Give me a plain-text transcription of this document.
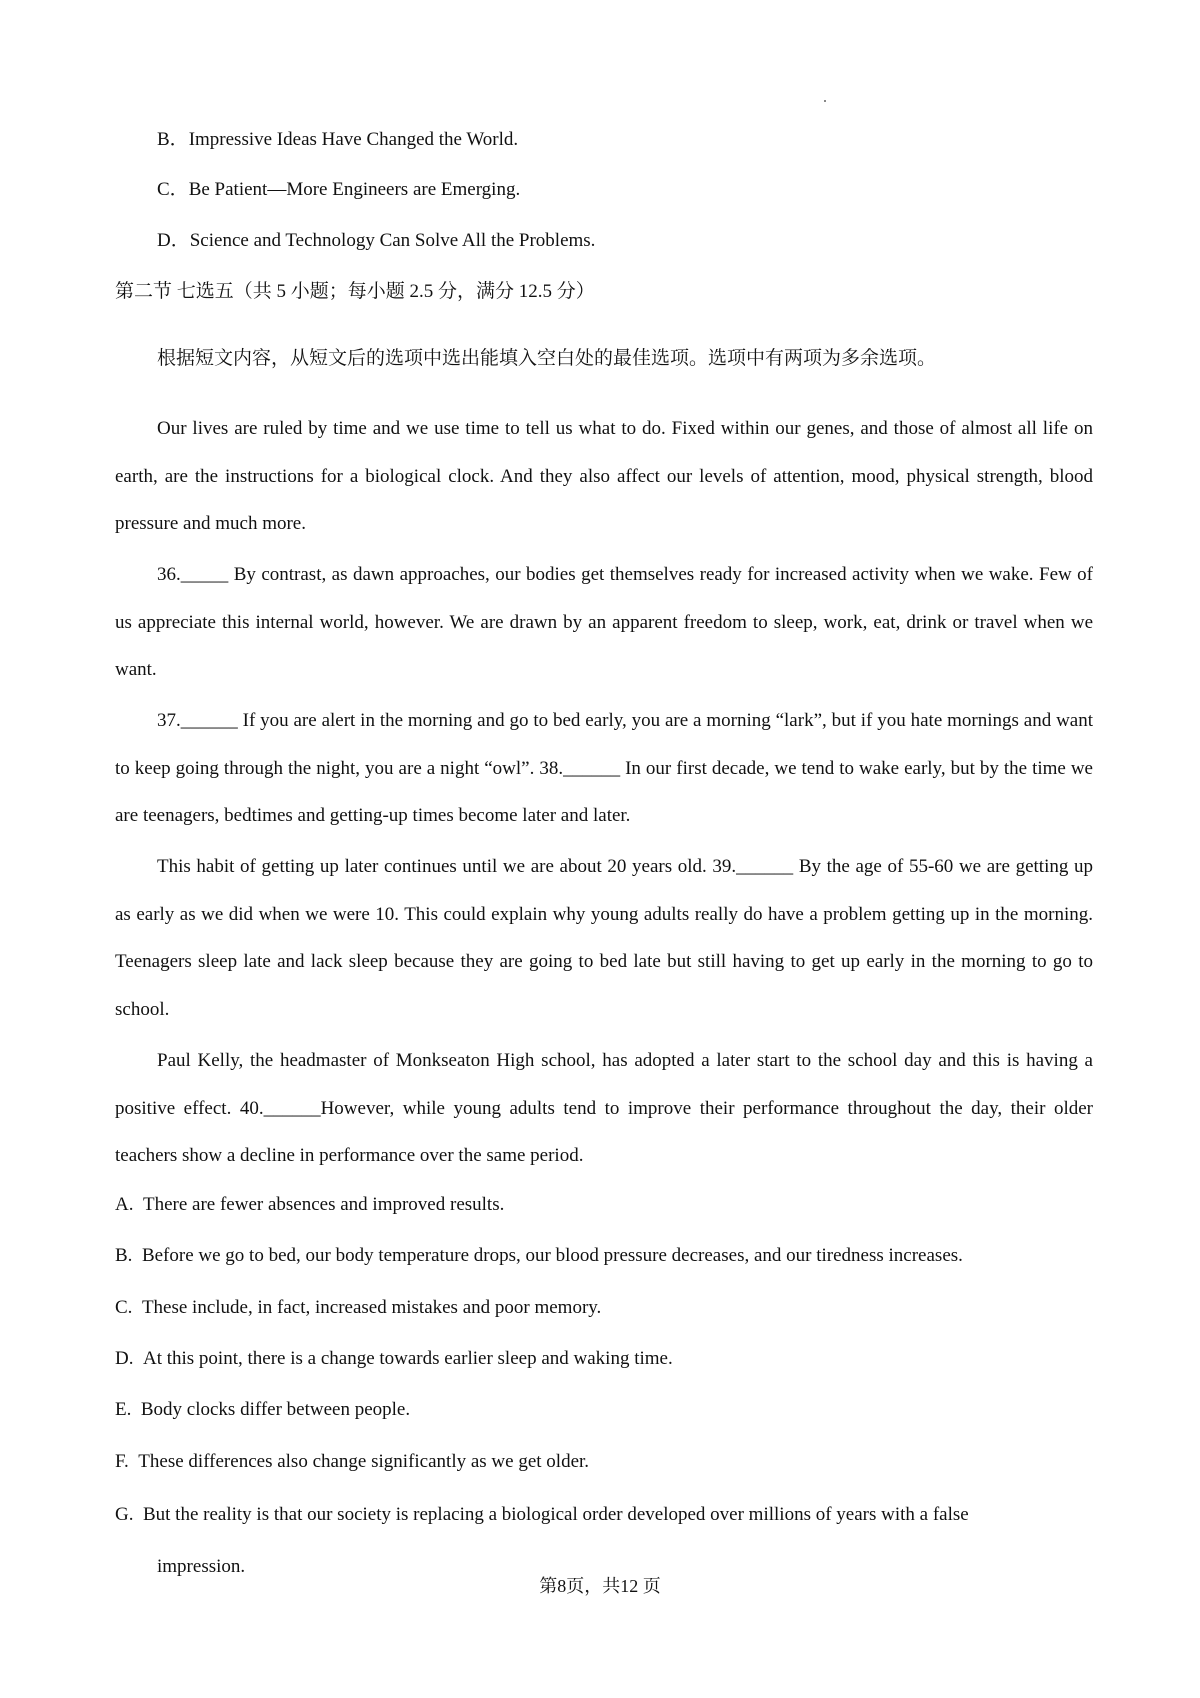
B．Impressive Ideas Have Changed the World.
C．Be Patient—More Engineers are Emerging.
D．Science and Technology Can Solve All the Problems.
第二节 七选五（共 5 小题；每小题 2.5 分，满分 12.5 分）
根据短文内容，从短文后的选项中选出能填入空白处的最佳选项。选项中有两项为多余选项。

Our lives are ruled by time and we use time to tell us what to do. Fixed within our genes, and those of almost all life on earth, are the instructions for a biological clock. And they also affect our levels of attention, mood, physical strength, blood pressure and much more.

36._____ By contrast, as dawn approaches, our bodies get themselves ready for increased activity when we wake. Few of us appreciate this internal world, however. We are drawn by an apparent freedom to sleep, work, eat, drink or travel when we want.

37.______ If you are alert in the morning and go to bed early, you are a morning “lark”, but if you hate mornings and want to keep going through the night, you are a night “owl”. 38.______ In our first decade, we tend to wake early, but by the time we are teenagers, bedtimes and getting-up times become later and later.

This habit of getting up later continues until we are about 20 years old. 39.______ By the age of 55-60 we are getting up as early as we did when we were 10. This could explain why young adults really do have a problem getting up in the morning. Teenagers sleep late and lack sleep because they are going to bed late but still having to get up early in the morning to go to school.

Paul Kelly, the headmaster of Monkseaton High school, has adopted a later start to the school day and this is having a positive effect. 40.______However, while young adults tend to improve their performance throughout the day, their older teachers show a decline in performance over the same period.

A. There are fewer absences and improved results.
B. Before we go to bed, our body temperature drops, our blood pressure decreases, and our tiredness increases.
C. These include, in fact, increased mistakes and poor memory.
D. At this point, there is a change towards earlier sleep and waking time.
E. Body clocks differ between people.
F. These differences also change significantly as we get older.
G. But the reality is that our society is replacing a biological order developed over millions of years with a false
impression.
第8页，共12 页
